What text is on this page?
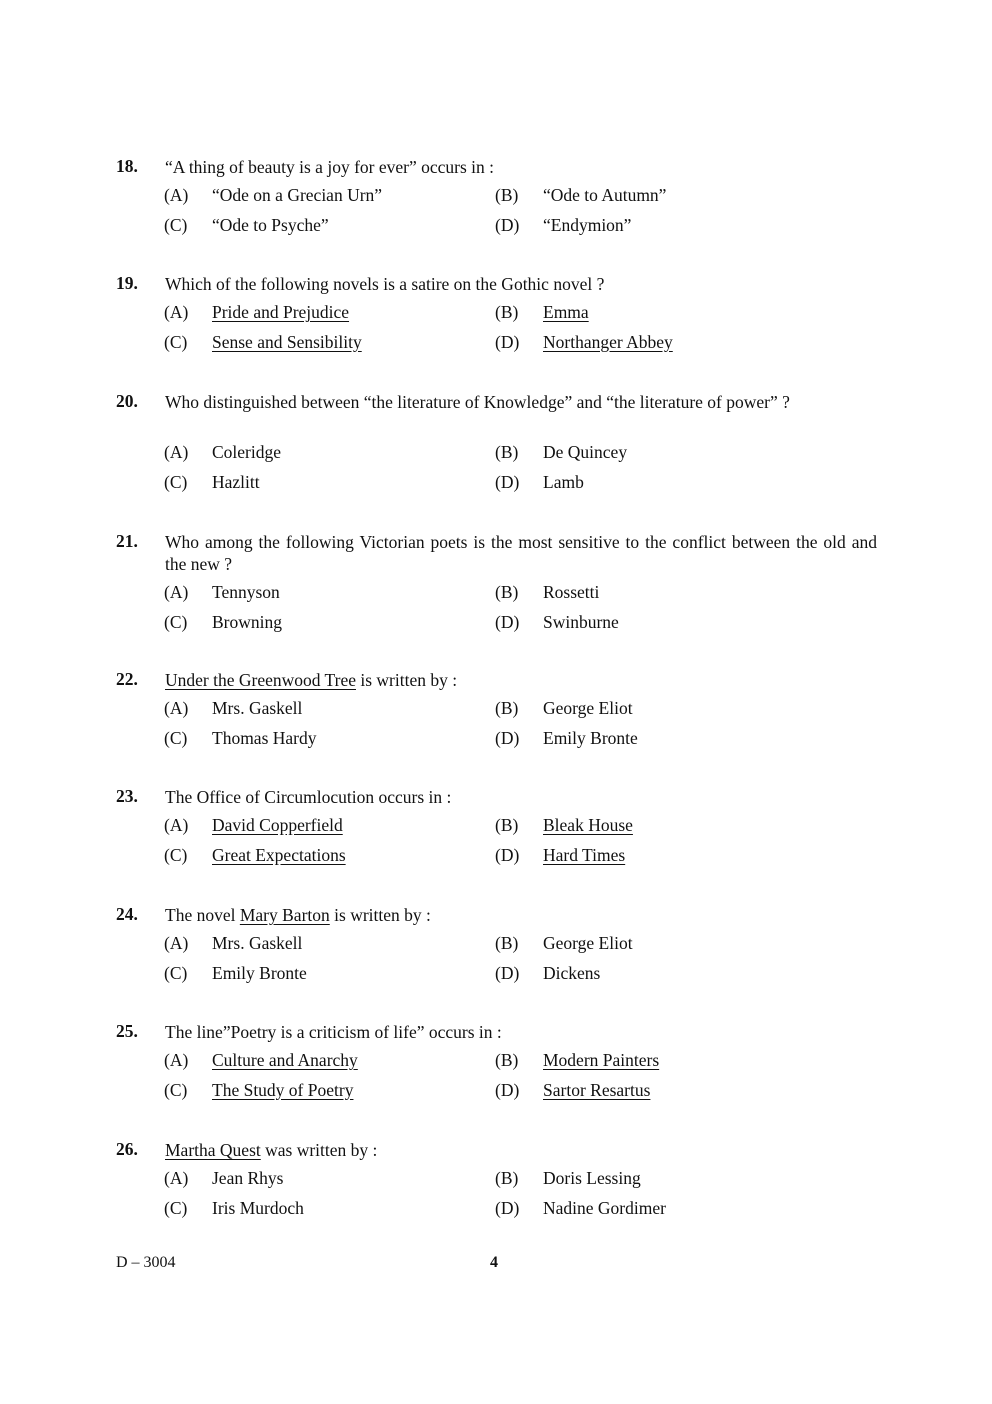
18. “A thing of beauty is a joy for ever” occurs in :
(A) “Ode on a Grecian Urn”	(B) “Ode to Autumn”
(C) “Ode to Psyche”	(D) “Endymion”
19. Which of the following novels is a satire on the Gothic novel ?
(A) Pride and Prejudice	(B) Emma
(C) Sense and Sensibility	(D) Northanger Abbey
20. Who distinguished between “the literature of Knowledge” and “the literature of power” ?
(A) Coleridge	(B) De Quincey
(C) Hazlitt	(D) Lamb
21. Who among the following Victorian poets is the most sensitive to the conflict between the old and the new ?
(A) Tennyson	(B) Rossetti
(C) Browning	(D) Swinburne
22. Under the Greenwood Tree is written by :
(A) Mrs. Gaskell	(B) George Eliot
(C) Thomas Hardy	(D) Emily Bronte
23. The Office of Circumlocution occurs in :
(A) David Copperfield	(B) Bleak House
(C) Great Expectations	(D) Hard Times
24. The novel Mary Barton is written by :
(A) Mrs. Gaskell	(B) George Eliot
(C) Emily Bronte	(D) Dickens
25. The line”Poetry is a criticism of life” occurs in :
(A) Culture and Anarchy	(B) Modern Painters
(C) The Study of Poetry	(D) Sartor Resartus
26. Martha Quest was written by :
(A) Jean Rhys	(B) Doris Lessing
(C) Iris Murdoch	(D) Nadine Gordimer
D – 3004	4
